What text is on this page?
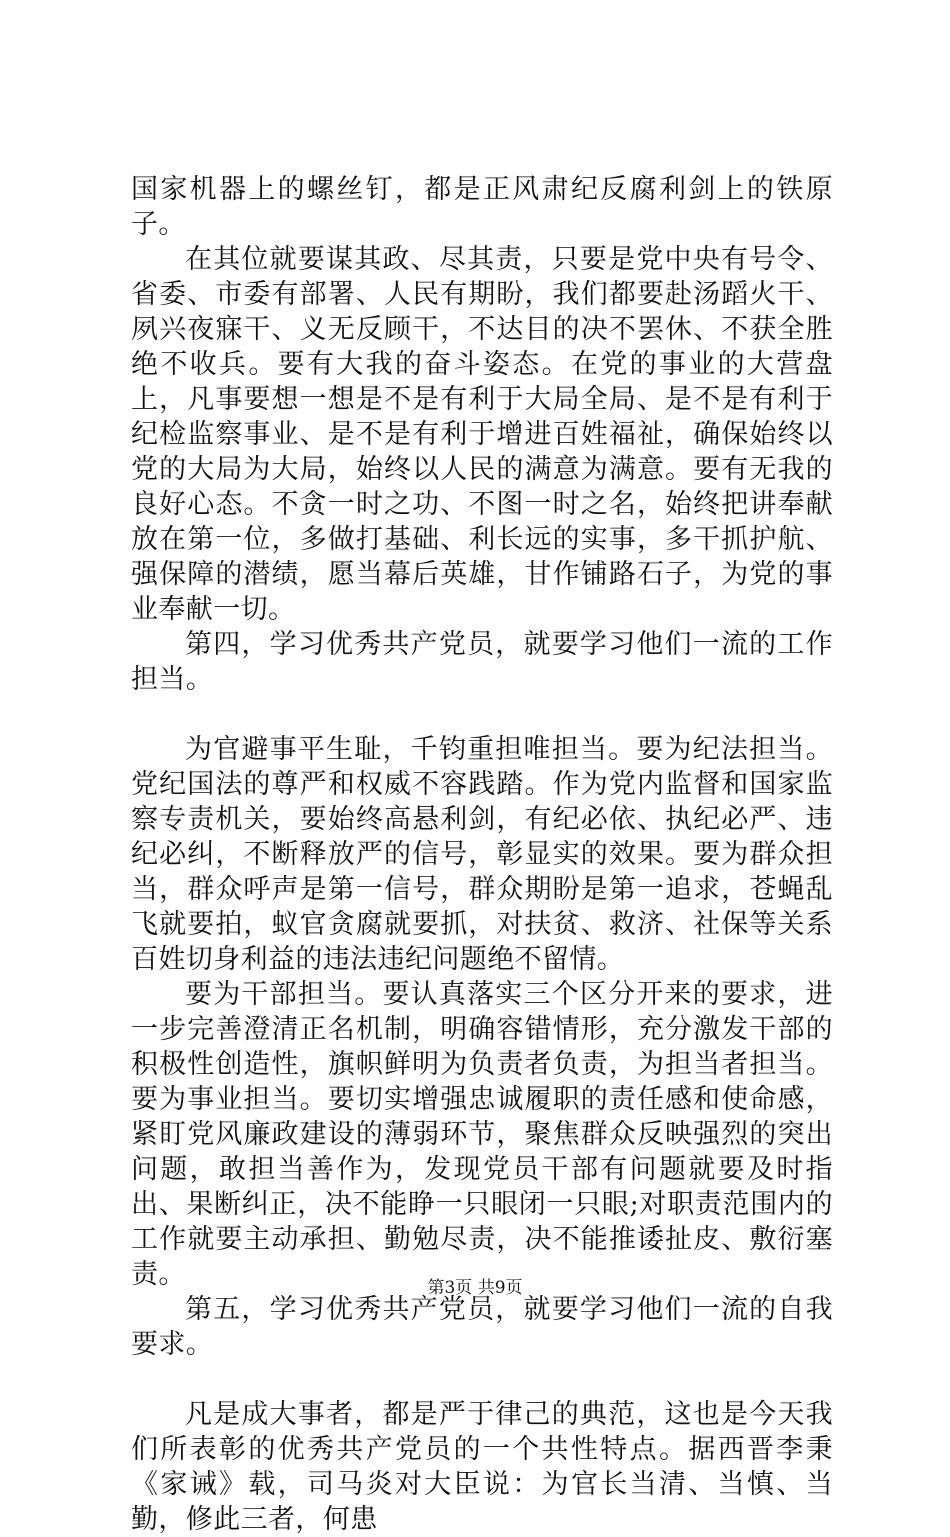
国家机器上的螺丝钉，都是正风肃纪反腐利剑上的铁原子。

在其位就要谋其政、尽其责，只要是党中央有号令、省委、市委有部署、人民有期盼，我们都要赴汤蹈火干、夙兴夜寐干、义无反顾干，不达目的决不罢休、不获全胜绝不收兵。要有大我的奋斗姿态。在党的事业的大营盘上，凡事要想一想是不是有利于大局全局、是不是有利于纪检监察事业、是不是有利于增进百姓福祉，确保始终以党的大局为大局，始终以人民的满意为满意。要有无我的良好心态。不贪一时之功、不图一时之名，始终把讲奉献放在第一位，多做打基础、利长远的实事，多干抓护航、强保障的潜绩，愿当幕后英雄，甘作铺路石子，为党的事业奉献一切。

第四，学习优秀共产党员，就要学习他们一流的工作担当。

为官避事平生耻，千钧重担唯担当。要为纪法担当。党纪国法的尊严和权威不容践踏。作为党内监督和国家监察专责机关，要始终高悬利剑，有纪必依、执纪必严、违纪必纠，不断释放严的信号，彰显实的效果。要为群众担当，群众呼声是第一信号，群众期盼是第一追求，苍蝇乱飞就要拍，蚁官贪腐就要抓，对扶贫、救济、社保等关系百姓切身利益的违法违纪问题绝不留情。

要为干部担当。要认真落实三个区分开来的要求，进一步完善澄清正名机制，明确容错情形，充分激发干部的积极性创造性，旗帜鲜明为负责者负责，为担当者担当。要为事业担当。要切实增强忠诚履职的责任感和使命感，紧盯党风廉政建设的薄弱环节，聚焦群众反映强烈的突出问题，敢担当善作为，发现党员干部有问题就要及时指出、果断纠正，决不能睁一只眼闭一只眼;对职责范围内的工作就要主动承担、勤勉尽责，决不能推诿扯皮、敷衍塞责。

第五，学习优秀共产党员，就要学习他们一流的自我要求。

凡是成大事者，都是严于律己的典范，这也是今天我们所表彰的优秀共产党员的一个共性特点。据西晋李秉《家诫》载，司马炎对大臣说：为官长当清、当慎、当勤，修此三者，何患

第3页 共9页
